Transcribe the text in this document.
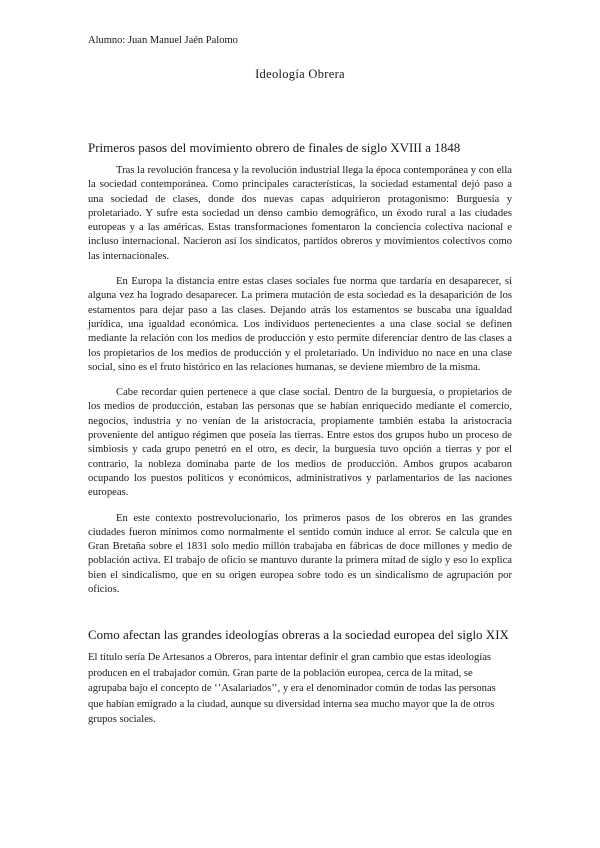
Alumno: Juan Manuel Jaén Palomo
Ideología Obrera
Primeros pasos del movimiento obrero de finales de siglo XVIII a 1848

Tras la revolución francesa y la revolución industrial llega la época contemporánea y con ella la sociedad contemporánea. Como principales características, la sociedad estamental dejó paso a una sociedad de clases, donde dos nuevas capas adquirieron protagonismo: Burguesía y proletariado. Y sufre esta sociedad un denso cambio demográfico, un éxodo rural a las ciudades europeas y a las américas. Estas transformaciones fomentaron la conciencia colectiva nacional e incluso internacional. Nacieron así los sindicatos, partidos obreros y movimientos colectivos como las internacionales.

En Europa la distancia entre estas clases sociales fue norma que tardaría en desaparecer, si alguna vez ha logrado desaparecer. La primera mutación de esta sociedad es la desaparición de los estamentos para dejar paso a las clases. Dejando atrás los estamentos se buscaba una igualdad jurídica, una igualdad económica. Los individuos pertenecientes a una clase social se definen mediante la relación con los medios de producción y esto permite diferenciar dentro de las clases a los propietarios de los medios de producción y el proletariado. Un individuo no nace en una clase social, sino es el fruto histórico en las relaciones humanas, se deviene miembro de la misma.

Cabe recordar quien pertenece a que clase social. Dentro de la burguesía, o propietarios de los medios de producción, estaban las personas que se habían enriquecido mediante el comercio, negocios, industria y no venían de la aristocracia, propiamente también estaba la aristocracia proveniente del antiguo régimen que poseía las tierras. Entre estos dos grupos hubo un proceso de simbiosis y cada grupo penetró en el otro, es decir, la burguesía tuvo opción a tierras y por el contrario, la nobleza dominaba parte de los medios de producción. Ambos grupos acabaron ocupando los puestos políticos y económicos, administrativos y parlamentarios de las naciones europeas.

En este contexto postrevolucionario, los primeros pasos de los obreros en las grandes ciudades fueron mínimos como normalmente el sentido común induce al error. Se calcula que en Gran Bretaña sobre el 1831 solo medio millón trabajaba en fábricas de doce millones y medio de población activa. El trabajo de oficio se mantuvo durante la primera mitad de siglo y eso lo explica bien el sindicalismo, que en su origen europea sobre todo es un sindicalismo de agrupación por oficios.

Como afectan las grandes ideologías obreras a la sociedad europea del siglo XIX

El título sería De Artesanos a Obreros, para intentar definir el gran cambio que estas ideologías producen en el trabajador común. Gran parte de la población europea, cerca de la mitad, se agrupaba bajo el concepto de ‘’Asalariados’’, y era el denominador común de todas las personas que habían emigrado a la ciudad, aunque su diversidad interna sea mucho mayor que la de otros grupos sociales.
